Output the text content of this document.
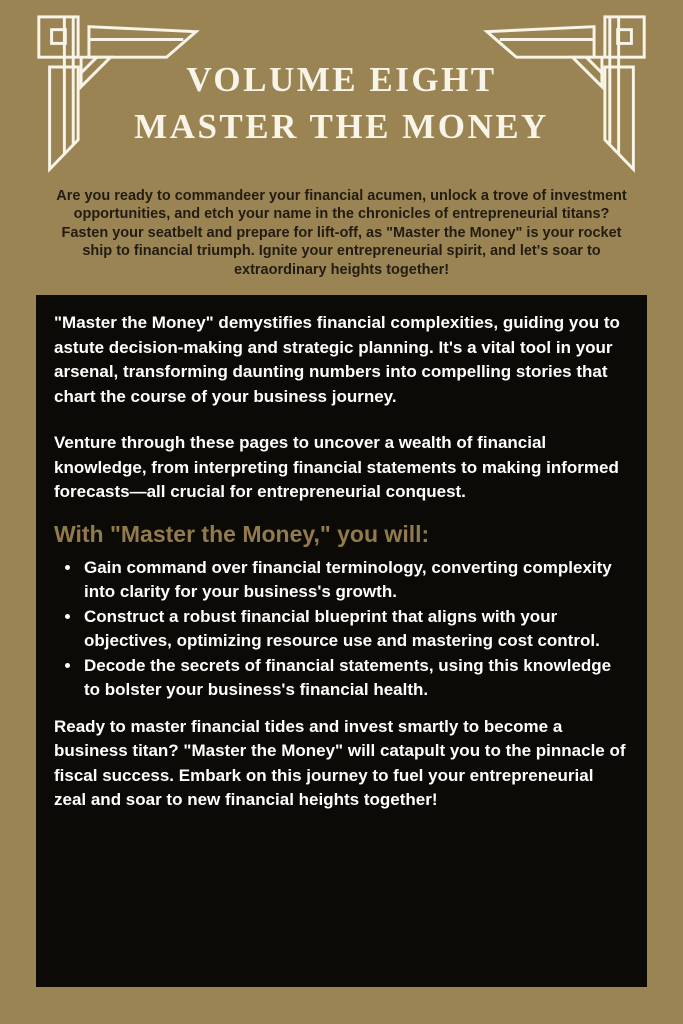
VOLUME EIGHT
MASTER THE MONEY

Are you ready to commandeer your financial acumen, unlock a trove of investment opportunities, and etch your name in the chronicles of entrepreneurial titans? Fasten your seatbelt and prepare for lift-off, as "Master the Money" is your rocket ship to financial triumph. Ignite your entrepreneurial spirit, and let's soar to extraordinary heights together!

"Master the Money" demystifies financial complexities, guiding you to astute decision-making and strategic planning. It's a vital tool in your arsenal, transforming daunting numbers into compelling stories that chart the course of your business journey.

Venture through these pages to uncover a wealth of financial knowledge, from interpreting financial statements to making informed forecasts—all crucial for entrepreneurial conquest.

With "Master the Money," you will:
• Gain command over financial terminology, converting complexity into clarity for your business's growth.
• Construct a robust financial blueprint that aligns with your objectives, optimizing resource use and mastering cost control.
• Decode the secrets of financial statements, using this knowledge to bolster your business's financial health.

Ready to master financial tides and invest smartly to become a business titan? "Master the Money" will catapult you to the pinnacle of fiscal success. Embark on this journey to fuel your entrepreneurial zeal and soar to new financial heights together!
